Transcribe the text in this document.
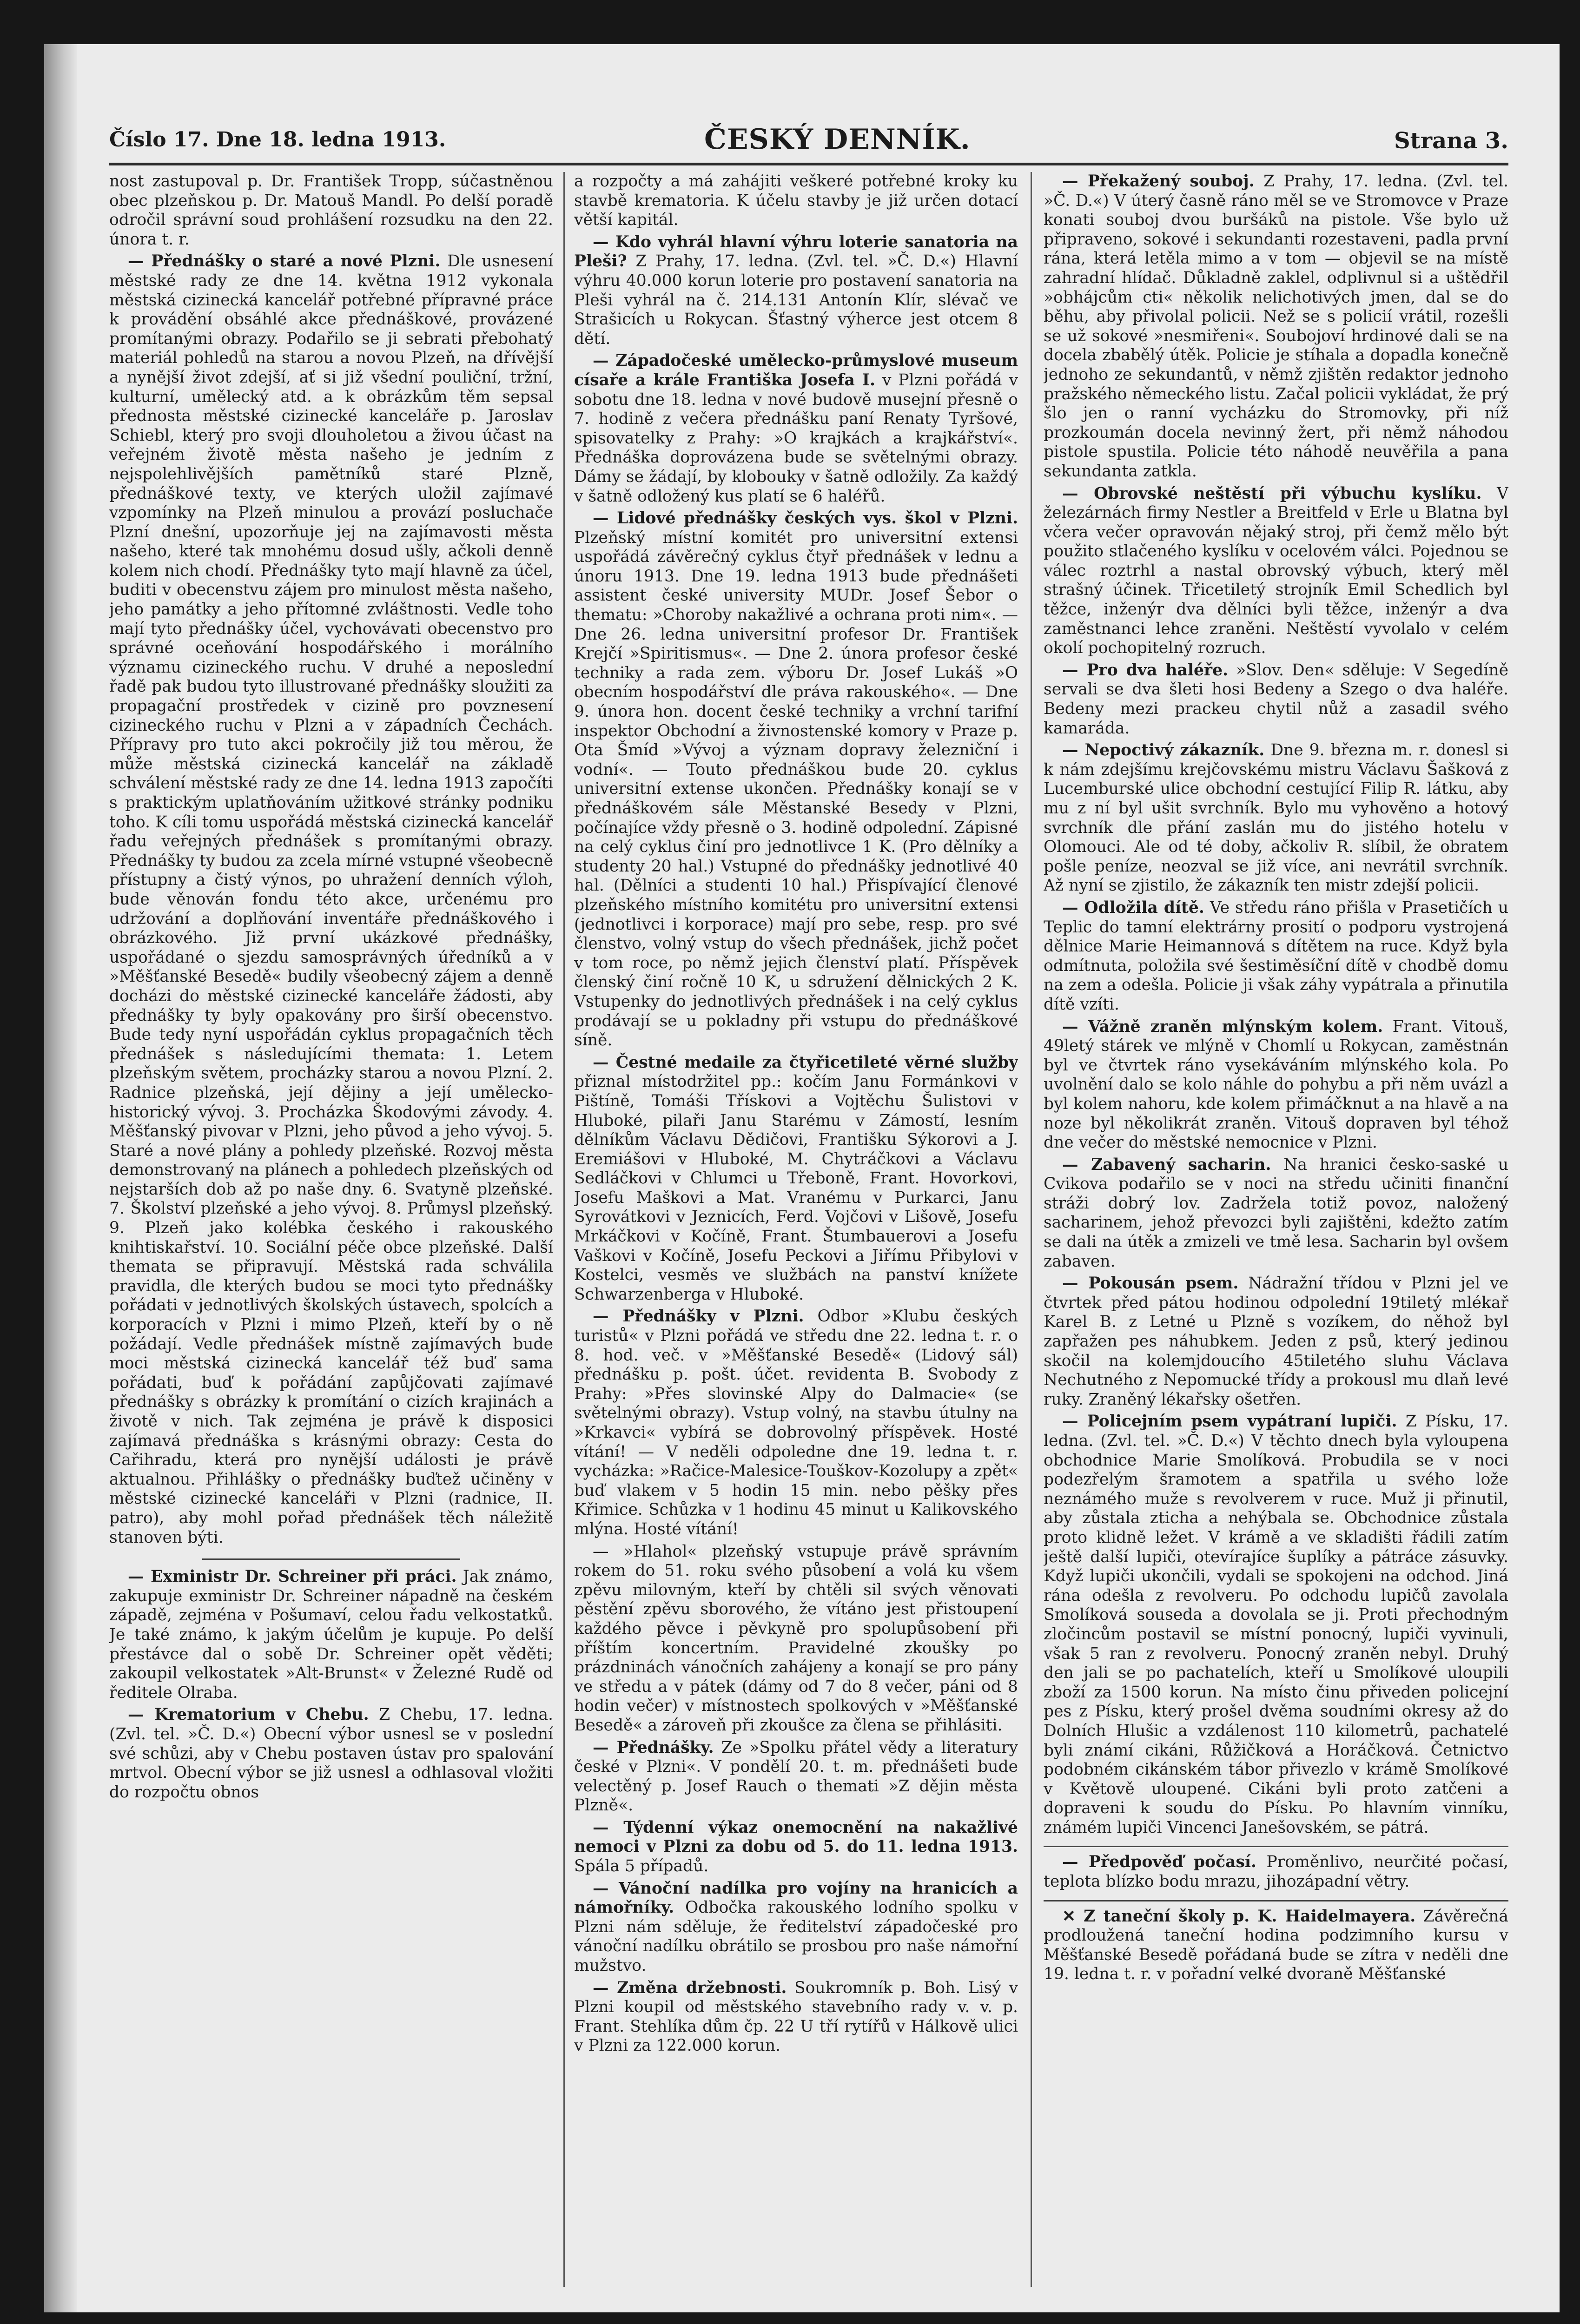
Číslo 17. Dne 18. ledna 1913.	ČESKÝ DENNÍK.	Strana 3.

nost zastupoval p. Dr. František Tropp, súčastněnou obec plzeňskou p. Dr. Matouš Mandl. Po delší poradě odročil správní soud prohlášení rozsudku na den 22. února t. r.

— Přednášky o staré a nové Plzni. Dle usnesení městské rady ze dne 14. května 1912 vykonala městská cizinecká kancelář potřebné přípravné práce k provádění obsáhlé akce přednáškové, provázené promítanými obrazy. Podařilo se ji sebrati přebohatý materiál pohledů na starou a novou Plzeň, na dřívější a nynější život zdejší, ať si již všední pouliční, tržní, kulturní, umělecký atd. a k obrázkům těm sepsal přednosta městské cizinecké kanceláře p. Jaroslav Schiebl, který pro svoji dlouholetou a živou účast na veřejném životě města našeho je jedním z nejspolehlivějších pamětníků staré Plzně, přednáškové texty, ve kterých uložil zajímavé vzpomínky na Plzeň minulou a provází posluchače Plzní dnešní, upozorňuje jej na zajímavosti města našeho, které tak mnohému dosud ušly, ačkoli denně kolem nich chodí. Přednášky tyto mají hlavně za účel, buditi v obecenstvu zájem pro minulost města našeho, jeho památky a jeho přítomné zvláštnosti. Vedle toho mají tyto přednášky účel, vychovávati obecenstvo pro správné oceňování hospodářského i morálního významu cizineckého ruchu. V druhé a neposlední řadě pak budou tyto illustrované přednášky sloužiti za propagační prostředek v cizině pro povznesení cizineckého ruchu v Plzni a v západních Čechách. Přípravy pro tuto akci pokročily již tou měrou, že může městská cizinecká kancelář na základě schválení městské rady ze dne 14. ledna 1913 započíti s praktickým uplatňováním užitkové stránky podniku toho. K cíli tomu uspořádá městská cizinecká kancelář řadu veřejných přednášek s promítanými obrazy. Přednášky ty budou za zcela mírné vstupné všeobecně přístupny a čistý výnos, po uhražení denních výloh, bude věnován fondu této akce, určenému pro udržování a doplňování inventáře přednáškového i obrázkového. Již první ukázkové přednášky, uspořádané o sjezdu samosprávných úředníků a v »Měšťanské Besedě« budily všeobecný zájem a denně docházi do městské cizinecké kanceláře žádosti, aby přednášky ty byly opakovány pro širší obecenstvo. Bude tedy nyní uspořádán cyklus propagačních těch přednášek s následujícími themata: 1. Letem plzeňským světem, procházky starou a novou Plzní. 2. Radnice plzeňská, její dějiny a její umělecko-historický vývoj. 3. Procházka Škodovými závody. 4. Měšťanský pivovar v Plzni, jeho původ a jeho vývoj. 5. Staré a nové plány a pohledy plzeňské. Rozvoj města demonstrovaný na plánech a pohledech plzeňských od nejstarších dob až po naše dny. 6. Svatyně plzeňské. 7. Školství plzeňské a jeho vývoj. 8. Průmysl plzeňský. 9. Plzeň jako kolébka českého i rakouského knihtiskařství. 10. Sociální péče obce plzeňské. Další themata se připravují. Městská rada schválila pravidla, dle kterých budou se moci tyto přednášky pořádati v jednotlivých školských ústavech, spolcích a korporacích v Plzni i mimo Plzeň, kteří by o ně požádají. Vedle přednášek místně zajímavých bude moci městská cizinecká kancelář též buď sama pořádati, buď k pořádání zapůjčovati zajímavé přednášky s obrázky k promítání o cizích krajinách a životě v nich. Tak zejména je právě k disposici zajímavá přednáška s krásnými obrazy: Cesta do Cařihradu, která pro nynější události je právě aktualnou. Přihlášky o přednášky buďtež učiněny v městské cizinecké kanceláři v Plzni (radnice, II. patro), aby mohl pořad přednášek těch náležitě stanoven býti.

— Exministr Dr. Schreiner při práci. Jak známo, zakupuje exministr Dr. Schreiner nápadně na českém západě, zejména v Pošumaví, celou řadu velkostatků. Je také známo, k jakým účelům je kupuje. Po delší přestávce dal o sobě Dr. Schreiner opět věděti; zakoupil velkostatek »Alt-Brunst« v Železné Rudě od ředitele Olraba.

— Krematorium v Chebu. Z Chebu, 17. ledna. (Zvl. tel. »Č. D.«) Obecní výbor usnesl se v poslední své schůzi, aby v Chebu postaven ústav pro spalování mrtvol. Obecní výbor se již usnesl a odhlasoval vložiti do rozpočtu obnos

a rozpočty a má zahájiti veškeré potřebné kroky ku stavbě krematoria. K účelu stavby je již určen dotací větší kapitál.

— Kdo vyhrál hlavní výhru loterie sanatoria na Pleši? Z Prahy, 17. ledna. (Zvl. tel. »Č. D.«) Hlavní výhru 40.000 korun loterie pro postavení sanatoria na Pleši vyhrál na č. 214.131 Antonín Klír, slévač ve Strašicích u Rokycan. Šťastný výherce jest otcem 8 dětí.

— Západočeské umělecko-průmyslové museum císaře a krále Františka Josefa I. v Plzni pořádá v sobotu dne 18. ledna v nové budově musejní přesně o 7. hodině z večera přednášku paní Renaty Tyršové, spisovatelky z Prahy: »O krajkách a krajkářství«. Přednáška doprovázena bude se světelnými obrazy. Dámy se žádají, by klobouky v šatně odložily. Za každý v šatně odložený kus platí se 6 haléřů.

— Lidové přednášky českých vys. škol v Plzni. Plzeňský místní komitét pro universitní extensi uspořádá závěrečný cyklus čtyř přednášek v lednu a únoru 1913. Dne 19. ledna 1913 bude přednášeti assistent české university MUDr. Josef Šebor o thematu: »Choroby nakažlivé a ochrana proti nim«. — Dne 26. ledna universitní profesor Dr. František Krejčí »Spiritismus«. — Dne 2. února profesor české techniky a rada zem. výboru Dr. Josef Lukáš »O obecním hospodářství dle práva rakouského«. — Dne 9. února hon. docent české techniky a vrchní tarifní inspektor Obchodní a živnostenské komory v Praze p. Ota Šmíd »Vývoj a význam dopravy železniční i vodní«. — Touto přednáškou bude 20. cyklus universitní extense ukončen. Přednášky konají se v přednáškovém sále Městanské Besedy v Plzni, počínajíce vždy přesně o 3. hodině odpolední. Zápisné na celý cyklus činí pro jednotlivce 1 K. (Pro dělníky a studenty 20 hal.) Vstupné do přednášky jednotlivé 40 hal. (Dělníci a studenti 10 hal.) Přispívající členové plzeňského místního komitétu pro universitní extensi (jednotlivci i korporace) mají pro sebe, resp. pro své členstvo, volný vstup do všech přednášek, jichž počet v tom roce, po němž jejich členství platí. Příspěvek členský činí ročně 10 K, u sdružení dělnických 2 K. Vstupenky do jednotlivých přednášek i na celý cyklus prodávají se u pokladny při vstupu do přednáškové síně.

— Čestné medaile za čtyřicetileté věrné služby přiznal místodržitel pp.: kočím Janu Formánkovi v Pištíně, Tomáši Třískovi a Vojtěchu Šulistovi v Hluboké, pilaři Janu Starému v Zámostí, lesním dělníkům Václavu Dědičovi, Františku Sýkorovi a J. Eremiášovi v Hluboké, M. Chytráčkovi a Václavu Sedláčkovi v Chlumci u Třeboně, Frant. Hovorkovi, Josefu Maškovi a Mat. Vranému v Purkarci, Janu Syrovátkovi v Jeznicích, Ferd. Vojčovi v Lišově, Josefu Mrkáčkovi v Kočíně, Frant. Štumbauerovi a Josefu Vaškovi v Kočíně, Josefu Peckovi a Jiřímu Přibylovi v Kostelci, vesměs ve službách na panství knížete Schwarzenberga v Hluboké.

— Přednášky v Plzni. Odbor »Klubu českých turistů« v Plzni pořádá ve středu dne 22. ledna t. r. o 8. hod. več. v »Měšťanské Besedě« (Lidový sál) přednášku p. pošt. účet. revidenta B. Svobody z Prahy: »Přes slovinské Alpy do Dalmacie« (se světelnými obrazy). Vstup volný, na stavbu útulny na »Krkavci« vybírá se dobrovolný příspěvek. Hosté vítání! — V neděli odpoledne dne 19. ledna t. r. vycházka: »Račice-Malesice-Touškov-Kozolupy a zpět« buď vlakem v 5 hodin 15 min. nebo pěšky přes Křimice. Schůzka v 1 hodinu 45 minut u Kalikovského mlýna. Hosté vítání!

— »Hlahol« plzeňský vstupuje právě správním rokem do 51. roku svého působení a volá ku všem zpěvu milovným, kteří by chtěli sil svých věnovati pěstění zpěvu sborového, že vítáno jest přistoupení každého pěvce i pěvkyně pro spolupůsobení při příštím koncertním. Pravidelné zkoušky po prázdninách vánočních zahájeny a konají se pro pány ve středu a v pátek (dámy od 7 do 8 večer, páni od 8 hodin večer) v místnostech spolkových v »Měšťanské Besedě« a zároveň při zkoušce za člena se přihlásiti.

— Přednášky. Ze »Spolku přátel vědy a literatury české v Plzni«. V pondělí 20. t. m. přednášeti bude velectěný p. Josef Rauch o themati »Z dějin města Plzně«.

— Týdenní výkaz onemocnění na nakažlivé nemoci v Plzni za dobu od 5. do 11. ledna 1913. Spála 5 případů.

— Vánoční nadílka pro vojíny na hranicích a námořníky. Odbočka rakouského lodního spolku v Plzni nám sděluje, že ředitelství západočeské pro vánoční nadílku obrátilo se prosbou pro naše námořní mužstvo.

— Změna držebnosti. Soukromník p. Boh. Lisý v Plzni koupil od městského stavebního rady v. v. p. Frant. Stehlíka dům čp. 22 U tří rytířů v Hálkově ulici v Plzni za 122.000 korun.

— Překažený souboj. Z Prahy, 17. ledna. (Zvl. tel. »Č. D.«) V úterý časně ráno měl se ve Stromovce v Praze konati souboj dvou buršáků na pistole. Vše bylo už připraveno, sokové i sekundanti rozestaveni, padla první rána, která letěla mimo a v tom — objevil se na místě zahradní hlídač. Důkladně zaklel, odplivnul si a uštědřil »obhájcům cti« několik nelichotivých jmen, dal se do běhu, aby přivolal policii. Než se s policií vrátil, rozešli se už sokové »nesmiřeni«. Soubojoví hrdinové dali se na docela zbabělý útěk. Policie je stíhala a dopadla konečně jednoho ze sekundantů, v němž zjištěn redaktor jednoho pražského německého listu. Začal policii vykládat, že prý šlo jen o ranní vycházku do Stromovky, při níž prozkoumán docela nevinný žert, při němž náhodou pistole spustila. Policie této náhodě neuvěřila a pana sekundanta zatkla.

— Obrovské neštěstí při výbuchu kyslíku. V železárnách firmy Nestler a Breitfeld v Erle u Blatna byl včera večer opravován nějaký stroj, při čemž mělo být použito stlačeného kyslíku v ocelovém válci. Pojednou se válec roztrhl a nastal obrovský výbuch, který měl strašný účinek. Třicetiletý strojník Emil Schedlich byl těžce, inženýr dva dělníci byli těžce, inženýr a dva zaměstnanci lehce zraněni. Neštěstí vyvolalo v celém okolí pochopitelný rozruch.

— Pro dva haléře. »Slov. Den« sděluje: V Segedíně servali se dva šleti hosi Bedeny a Szego o dva haléře. Bedeny mezi prackeu chytil nůž a zasadil svého kamaráda.

— Nepoctivý zákazník. Dne 9. března m. r. donesl si k nám zdejšímu krejčovskému mistru Václavu Šašková z Lucemburské ulice obchodní cestující Filip R. látku, aby mu z ní byl ušit svrchník. Bylo mu vyhověno a hotový svrchník dle přání zaslán mu do jistého hotelu v Olomouci. Ale od té doby, ačkoliv R. slíbil, že obratem pošle peníze, neozval se již více, ani nevrátil svrchník. Až nyní se zjistilo, že zákazník ten mistr zdejší policii.

— Odložila dítě. Ve středu ráno přišla v Prasetičích u Teplic do tamní elektrárny prosití o podporu vystrojená dělnice Marie Heimannová s dítětem na ruce. Když byla odmítnuta, položila své šestiměsíční dítě v chodbě domu na zem a odešla. Policie ji však záhy vypátrala a přinutila dítě vzíti.

— Vážně zraněn mlýnským kolem. Frant. Vitouš, 49letý stárek ve mlýně v Chomlí u Rokycan, zaměstnán byl ve čtvrtek ráno vysekáváním mlýnského kola. Po uvolnění dalo se kolo náhle do pohybu a při něm uvázl a byl kolem nahoru, kde kolem přimáčknut a na hlavě a na noze byl několikrát zraněn. Vitouš dopraven byl téhož dne večer do městské nemocnice v Plzni.

— Zabavený sacharin. Na hranici česko-saské u Cvikova podařilo se v noci na středu učiniti finanční stráži dobrý lov. Zadržela totiž povoz, naložený sacharinem, jehož převozci byli zajištěni, kdežto zatím se dali na útěk a zmizeli ve tmě lesa. Sacharin byl ovšem zabaven.

— Pokousán psem. Nádražní třídou v Plzni jel ve čtvrtek před pátou hodinou odpolední 19tiletý mlékař Karel B. z Letné u Plzně s vozíkem, do něhož byl zapřažen pes náhubkem. Jeden z psů, který jedinou skočil na kolemjdoucího 45tiletého sluhu Václava Nechutného z Nepomucké třídy a prokousl mu dlaň levé ruky. Zraněný lékařsky ošetřen.

— Policejním psem vypátraní lupiči. Z Písku, 17. ledna. (Zvl. tel. »Č. D.«) V těchto dnech byla vyloupena obchodnice Marie Smolíková. Probudila se v noci podezřelým šramotem a spatřila u svého lože neznámého muže s revolverem v ruce. Muž ji přinutil, aby zůstala zticha a nehýbala se. Obchodnice zůstala proto klidně ležet. V krámě a ve skladišti řádili zatím ještě další lupiči, otevírajíce šuplíky a pátráce zásuvky. Když lupiči ukončili, vydali se spokojeni na odchod. Jiná rána odešla z revolveru. Po odchodu lupičů zavolala Smolíková souseda a dovolala se ji. Proti přechodným zločincům postavil se místní ponocný, lupiči vyvinuli, však 5 ran z revolveru. Ponocný zraněn nebyl. Druhý den jali se po pachatelích, kteří u Smolíkové uloupili zboží za 1500 korun. Na místo činu přiveden policejní pes z Písku, který prošel dvěma soudními okresy až do Dolních Hlušic a vzdálenost 110 kilometrů, pachatelé byli známí cikáni, Růžičková a Horáčková. Četnictvo podobném cikánském tábor přivezlo v krámě Smolíkové v Květově uloupené. Cikáni byli proto zatčeni a dopraveni k soudu do Písku. Po hlavním vinníku, známém lupiči Vincenci Janešovském, se pátrá.

— Předpověď počasí. Proměnlivo, neurčité počasí, teplota blízko bodu mrazu, jihozápadní větry.

✕ Z taneční školy p. K. Haidelmayera. Závěrečná prodloužená taneční hodina podzimního kursu v Měšťanské Besedě pořádaná bude se zítra v neděli dne 19. ledna t. r. v pořadní velké dvoraně Měšťanské
